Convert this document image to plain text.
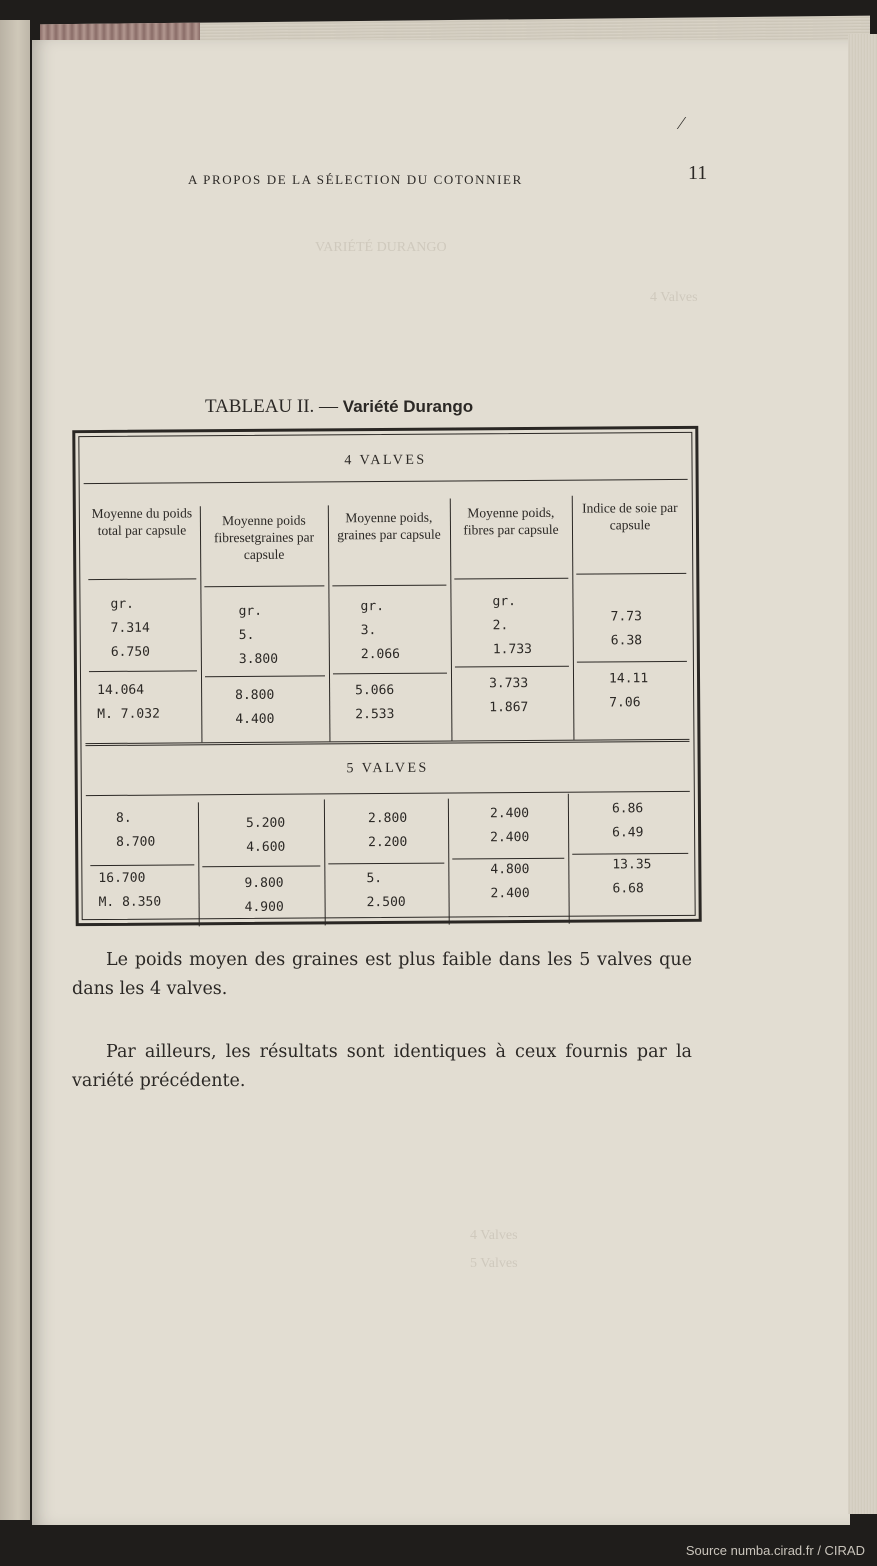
VARIÉTÉ DURANGO
4 Valves
4 Valves
5 Valves
⁄
A PROPOS DE LA SÉLECTION DU COTONNIER	11
TABLEAU II. — Variété Durango
4 VALVES
Moyenne du poids total par capsule
Moyenne poids fibresetgraines par capsule
Moyenne poids, graines par capsule
Moyenne poids, fibres par capsule
Indice de soie par capsule
gr.
7.314
6.750
gr.
5.
3.800
gr.
3.
2.066
gr.
2.
1.733

7.73
6.38
14.064
M. 7.032
8.800
4.400
5.066
2.533
3.733
1.867
14.11
7.06
5 VALVES
8.
8.700
5.200
4.600
2.800
2.200
2.400
2.400
6.86
6.49
16.700
M. 8.350
9.800
4.900
5.
2.500
4.800
2.400
13.35
6.68

Le poids moyen des graines est plus faible dans les 5 valves que dans les 4 valves.

Par ailleurs, les résultats sont identiques à ceux fournis par la variété précédente.

Source numba.cirad.fr / CIRAD
